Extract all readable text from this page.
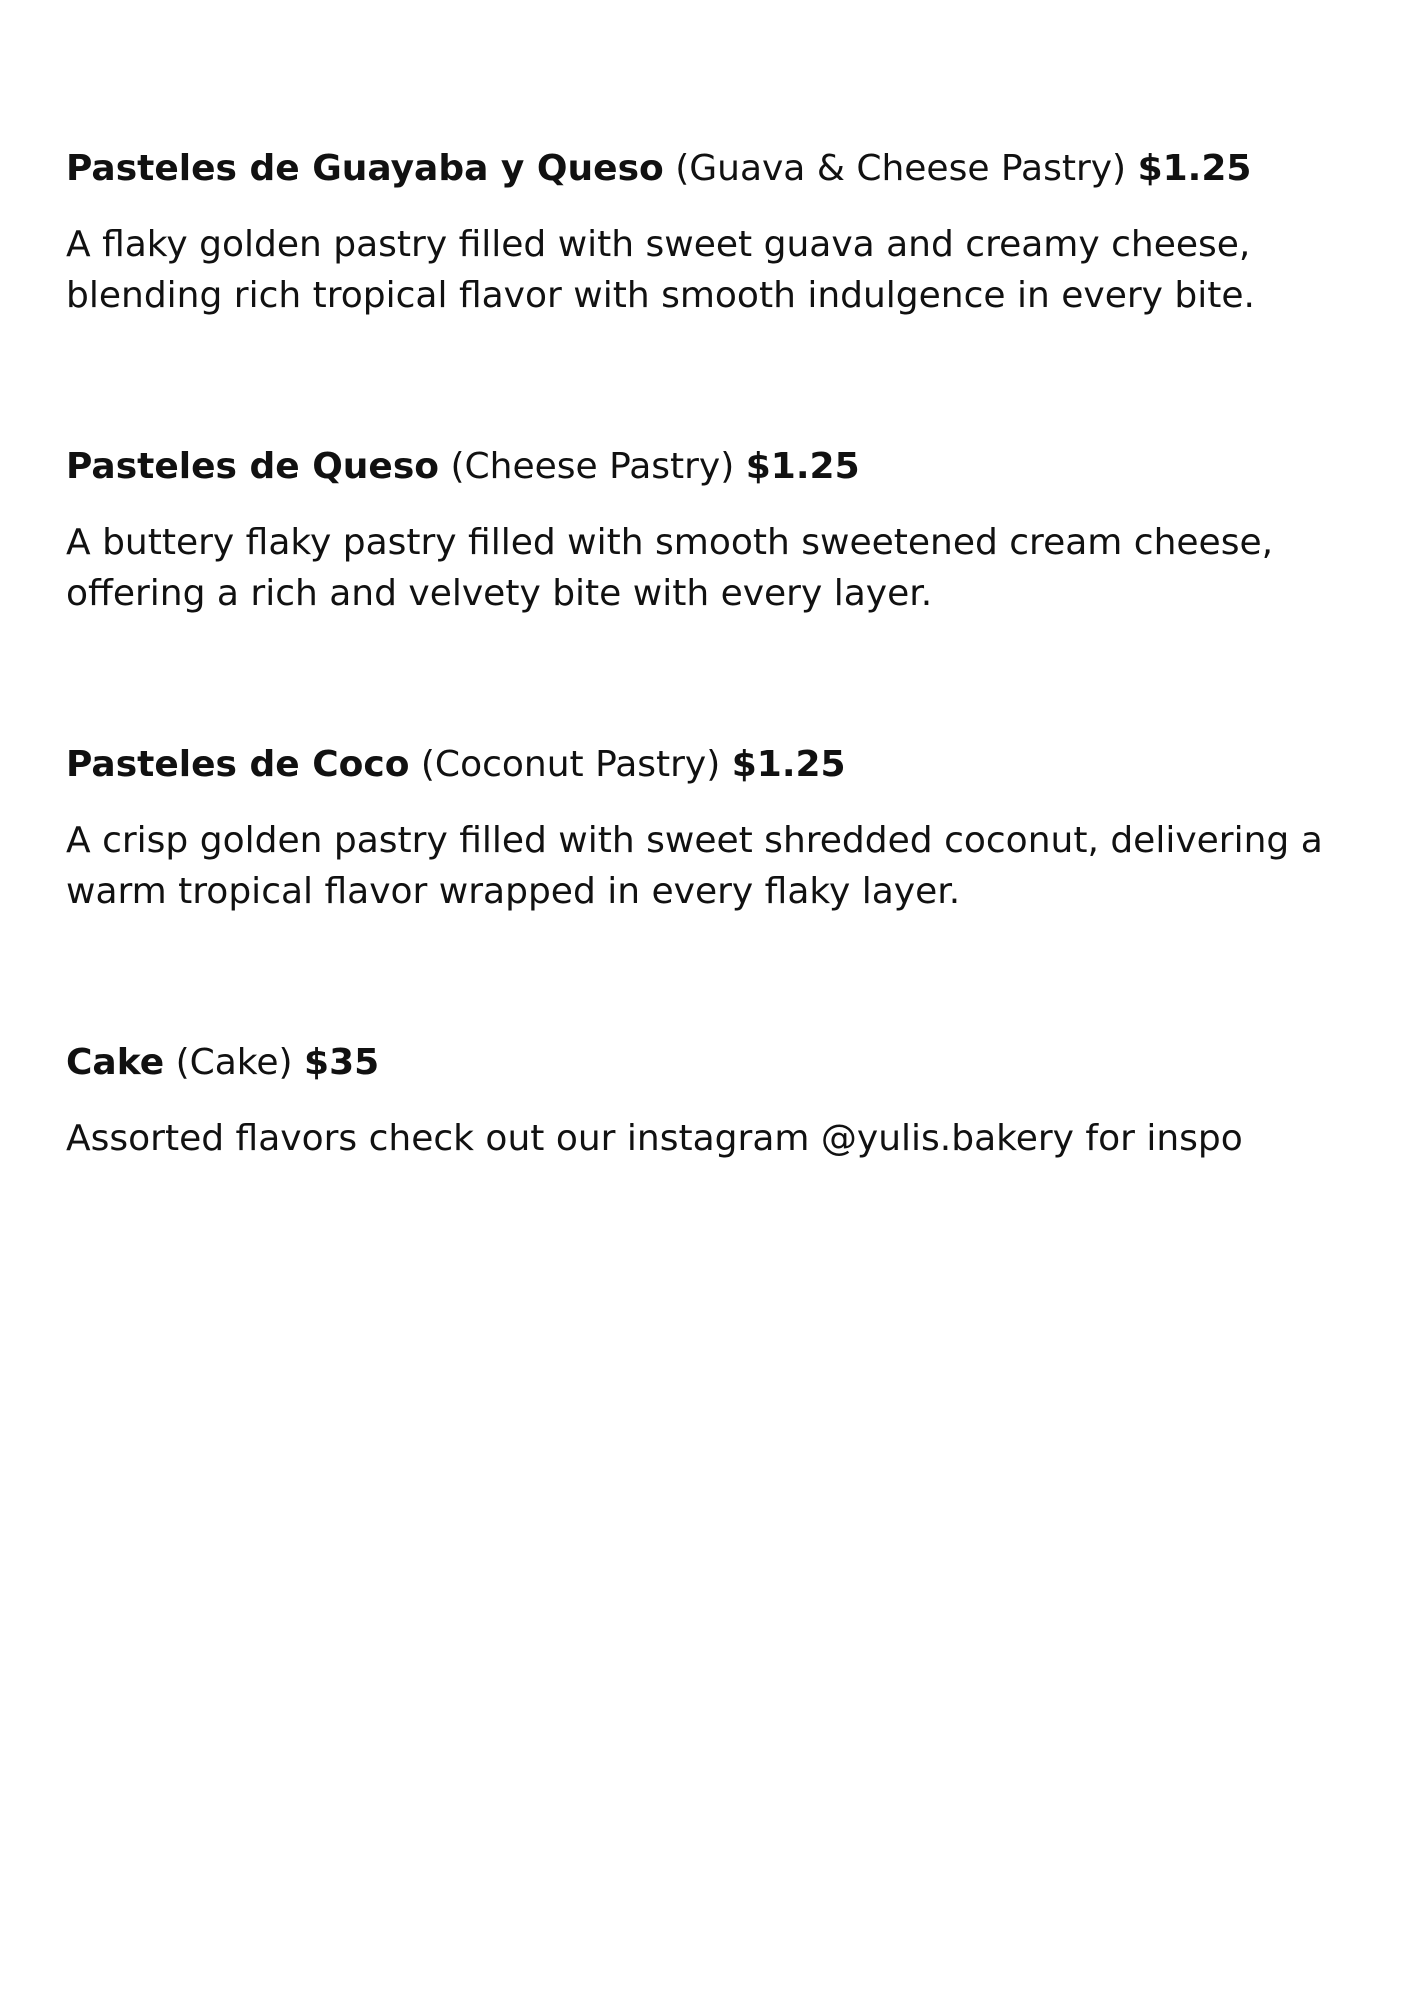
Pasteles de Guayaba y Queso (Guava & Cheese Pastry) $1.25

A flaky golden pastry filled with sweet guava and creamy cheese,
blending rich tropical flavor with smooth indulgence in every bite.

Pasteles de Queso (Cheese Pastry) $1.25

A buttery flaky pastry filled with smooth sweetened cream cheese,
offering a rich and velvety bite with every layer.

Pasteles de Coco (Coconut Pastry) $1.25

A crisp golden pastry filled with sweet shredded coconut, delivering a
warm tropical flavor wrapped in every flaky layer.

Cake (Cake) $35

Assorted flavors check out our instagram @yulis.bakery for inspo
